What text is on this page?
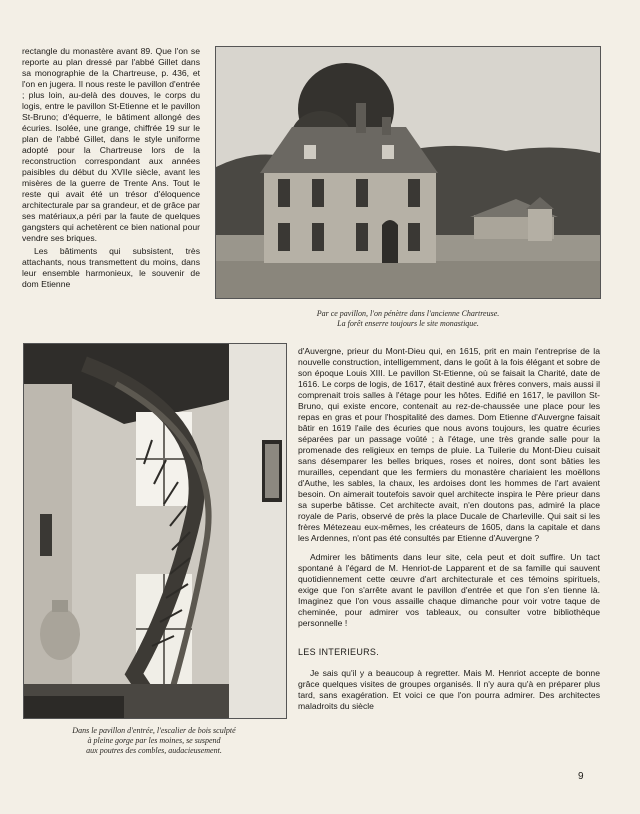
rectangle du monastère avant 89. Que l'on se reporte au plan dressé par l'abbé Gillet dans sa monographie de la Chartreuse, p. 436, et l'on en jugera. Il nous reste le pavillon d'entrée ; plus loin, au-delà des douves, le corps du logis, entre le pavillon St-Etienne et le pavillon St-Bruno; d'équerre, le bâtiment allongé des écuries. Isolée, une grange, chiffrée 19 sur le plan de l'abbé Gillet, dans le style uniforme adopté pour la Chartreuse lors de la reconstruction correspondant aux années paisibles du début du XVIIe siècle, avant les misères de la guerre de Trente Ans. Tout le reste qui avait été un trésor d'éloquence architecturale par sa grandeur, et de grâce par ses matériaux,a péri par la faute de quelques gangsters qui achetèrent ce bien national pour vendre ses briques.

Les bâtiments qui subsistent, très attachants, nous transmettent du moins, dans leur ensemble harmonieux, le souvenir de dom Etienne

Par ce pavillon, l'on pénètre dans l'ancienne Chartreuse.
La forêt enserre toujours le site monastique.
Dans le pavillon d'entrée, l'escalier de bois sculpté
à pleine gorge par les moines, se suspend
aux poutres des combles, audacieusement.

d'Auvergne, prieur du Mont-Dieu qui, en 1615, prit en main l'entreprise de la nouvelle construction, intelligemment, dans le goût à la fois élégant et sobre de son époque Louis XIII. Le pavillon St-Etienne, où se faisait la Charité, date de 1616. Le corps de logis, de 1617, était destiné aux frères convers, mais aussi il comprenait trois salles à l'étage pour les hôtes. Edifié en 1617, le pavillon St-Bruno, qui existe encore, contenait au rez-de-chaussée une place pour les repas en gras et pour l'hospitalité des dames. Dom Etienne d'Auvergne faisait bâtir en 1619 l'aile des écuries que nous avons toujours, les quatre écuries séparées par un passage voûté ; à l'étage, une très grande salle pour la promenade des religieux en temps de pluie. La Tuilerie du Mont-Dieu cuisait sans désemparer les belles briques, roses et noires, dont sont bâties les murailles, cependant que les fermiers du monastère chariaient les moëllons d'Authe, les sables, la chaux, les ardoises dont les hommes de l'art avaient besoin. On aimerait toutefois savoir quel architecte inspira le Père prieur dans sa superbe bâtisse. Cet architecte avait, n'en doutons pas, admiré la place royale de Paris, observé de près la place Ducale de Charleville. Qui sait si les frères Métezeau eux-mêmes, les créateurs de 1605, dans la capitale et dans les Ardennes, n'ont pas été consultés par Etienne d'Auvergne ?

Admirer les bâtiments dans leur site, cela peut et doit suffire. Un tact spontané à l'égard de M. Henriot-de Lapparent et de sa famille qui sauvent quotidiennement cette œuvre d'art architecturale et ces témoins spirituels, exige que l'on s'arrête avant le pavillon d'entrée et que l'on s'en tienne là. Imaginez que l'on vous assaille chaque dimanche pour voir votre taque de cheminée, pour admirer vos tableaux, ou consulter votre bibliothèque personnelle !

LES INTERIEURS.

Je sais qu'il y a beaucoup à regretter. Mais M. Henriot accepte de bonne grâce quelques visites de groupes organisés. Il n'y aura qu'à en préparer plus tard, sans exagération. Et voici ce que l'on pourra admirer. Des architectes maladroits du siècle

9
